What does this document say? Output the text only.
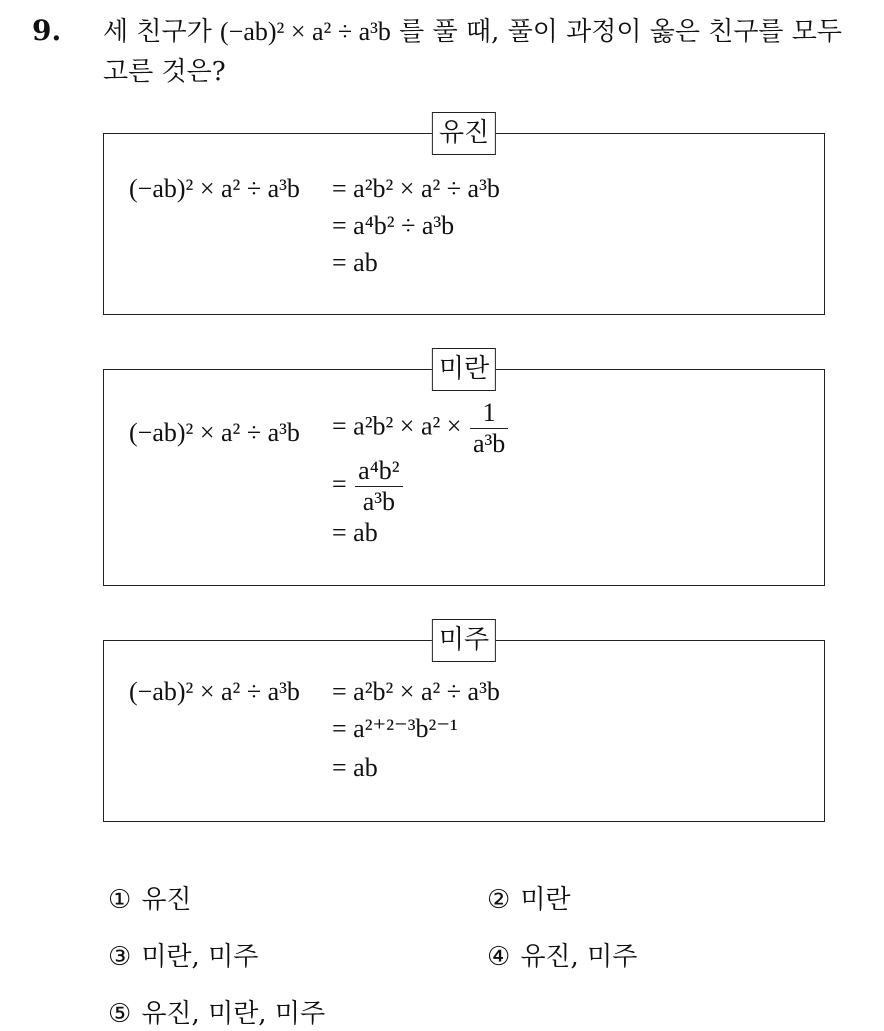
9. 세 친구가 (−ab)² × a² ÷ a³b 를 풀 때, 풀이 과정이 옳은 친구를 모두
고른 것은?
유진
(−ab)² × a² ÷ a³b = a²b² × a² ÷ a³b
= a⁴b² ÷ a³b
= ab
미란
$(-ab)^2 \times a^2 \div a^3b = a^2b^2 \times a^2 \times \frac{1}{\text{a³b}}$
= $\frac{\text{a⁴b²}}{\text{a³b}}$
= ab
미주
(−ab)² × a² ÷ a³b = a²b² × a² ÷ a³b
= a²⁺²⁻³b²⁻¹
= ab
① 유진	② 미란
③ 미란, 미주	④ 유진, 미주
⑤ 유진, 미란, 미주
